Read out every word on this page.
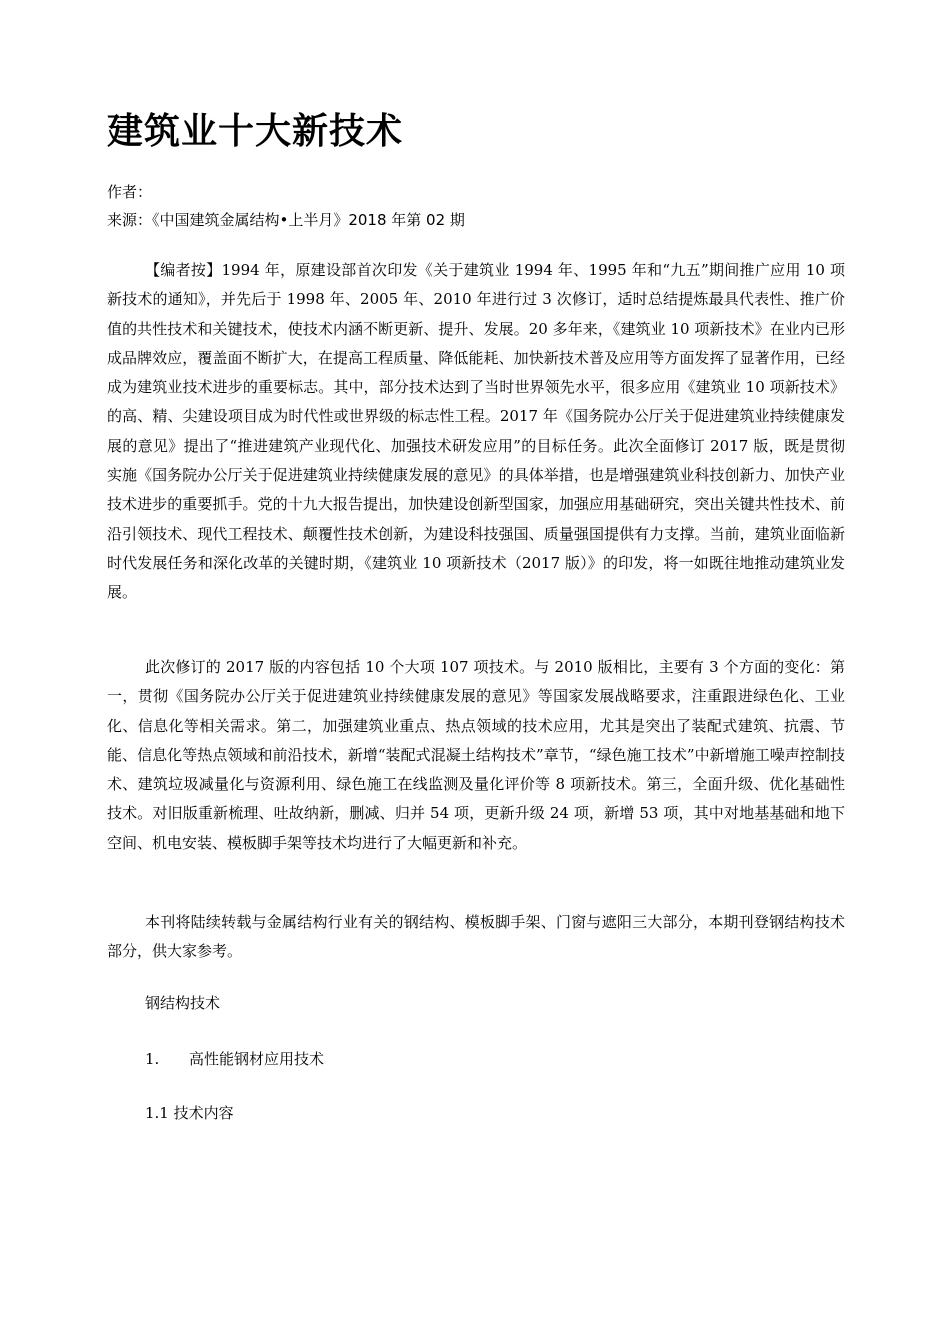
建筑业十大新技术
作者：
来源：《中国建筑金属结构•上半月》2018 年第 02 期

【编者按】1994 年，原建设部首次印发《关于建筑业 1994 年、1995 年和“九五”期间推广应用 10 项新技术的通知》，并先后于 1998 年、2005 年、2010 年进行过 3 次修订，适时总结提炼最具代表性、推广价值的共性技术和关键技术，使技术内涵不断更新、提升、发展。20 多年来，《建筑业 10 项新技术》在业内已形成品牌效应，覆盖面不断扩大，在提高工程质量、降低能耗、加快新技术普及应用等方面发挥了显著作用，已经成为建筑业技术进步的重要标志。其中，部分技术达到了当时世界领先水平，很多应用《建筑业 10 项新技术》的高、精、尖建设项目成为时代性或世界级的标志性工程。2017 年《国务院办公厅关于促进建筑业持续健康发展的意见》提出了“推进建筑产业现代化、加强技术研发应用”的目标任务。此次全面修订 2017 版，既是贯彻实施《国务院办公厅关于促进建筑业持续健康发展的意见》的具体举措，也是增强建筑业科技创新力、加快产业技术进步的重要抓手。党的十九大报告提出，加快建设创新型国家，加强应用基础研究，突出关键共性技术、前沿引领技术、现代工程技术、颠覆性技术创新，为建设科技强国、质量强国提供有力支撑。当前，建筑业面临新时代发展任务和深化改革的关键时期，《建筑业 10 项新技术（2017 版）》的印发，将一如既往地推动建筑业发展。

此次修订的 2017 版的内容包括 10 个大项 107 项技术。与 2010 版相比，主要有 3 个方面的变化：第一，贯彻《国务院办公厅关于促进建筑业持续健康发展的意见》等国家发展战略要求，注重跟进绿色化、工业化、信息化等相关需求。第二，加强建筑业重点、热点领域的技术应用，尤其是突出了装配式建筑、抗震、节能、信息化等热点领域和前沿技术，新增“装配式混凝土结构技术”章节，“绿色施工技术”中新增施工噪声控制技术、建筑垃圾减量化与资源利用、绿色施工在线监测及量化评价等 8 项新技术。第三，全面升级、优化基础性技术。对旧版重新梳理、吐故纳新，删减、归并 54 项，更新升级 24 项，新增 53 项，其中对地基基础和地下空间、机电安装、模板脚手架等技术均进行了大幅更新和补充。

本刊将陆续转载与金属结构行业有关的钢结构、模板脚手架、门窗与遮阳三大部分，本期刊登钢结构技术部分，供大家参考。

钢结构技术
1. 高性能钢材应用技术
1.1 技术内容
